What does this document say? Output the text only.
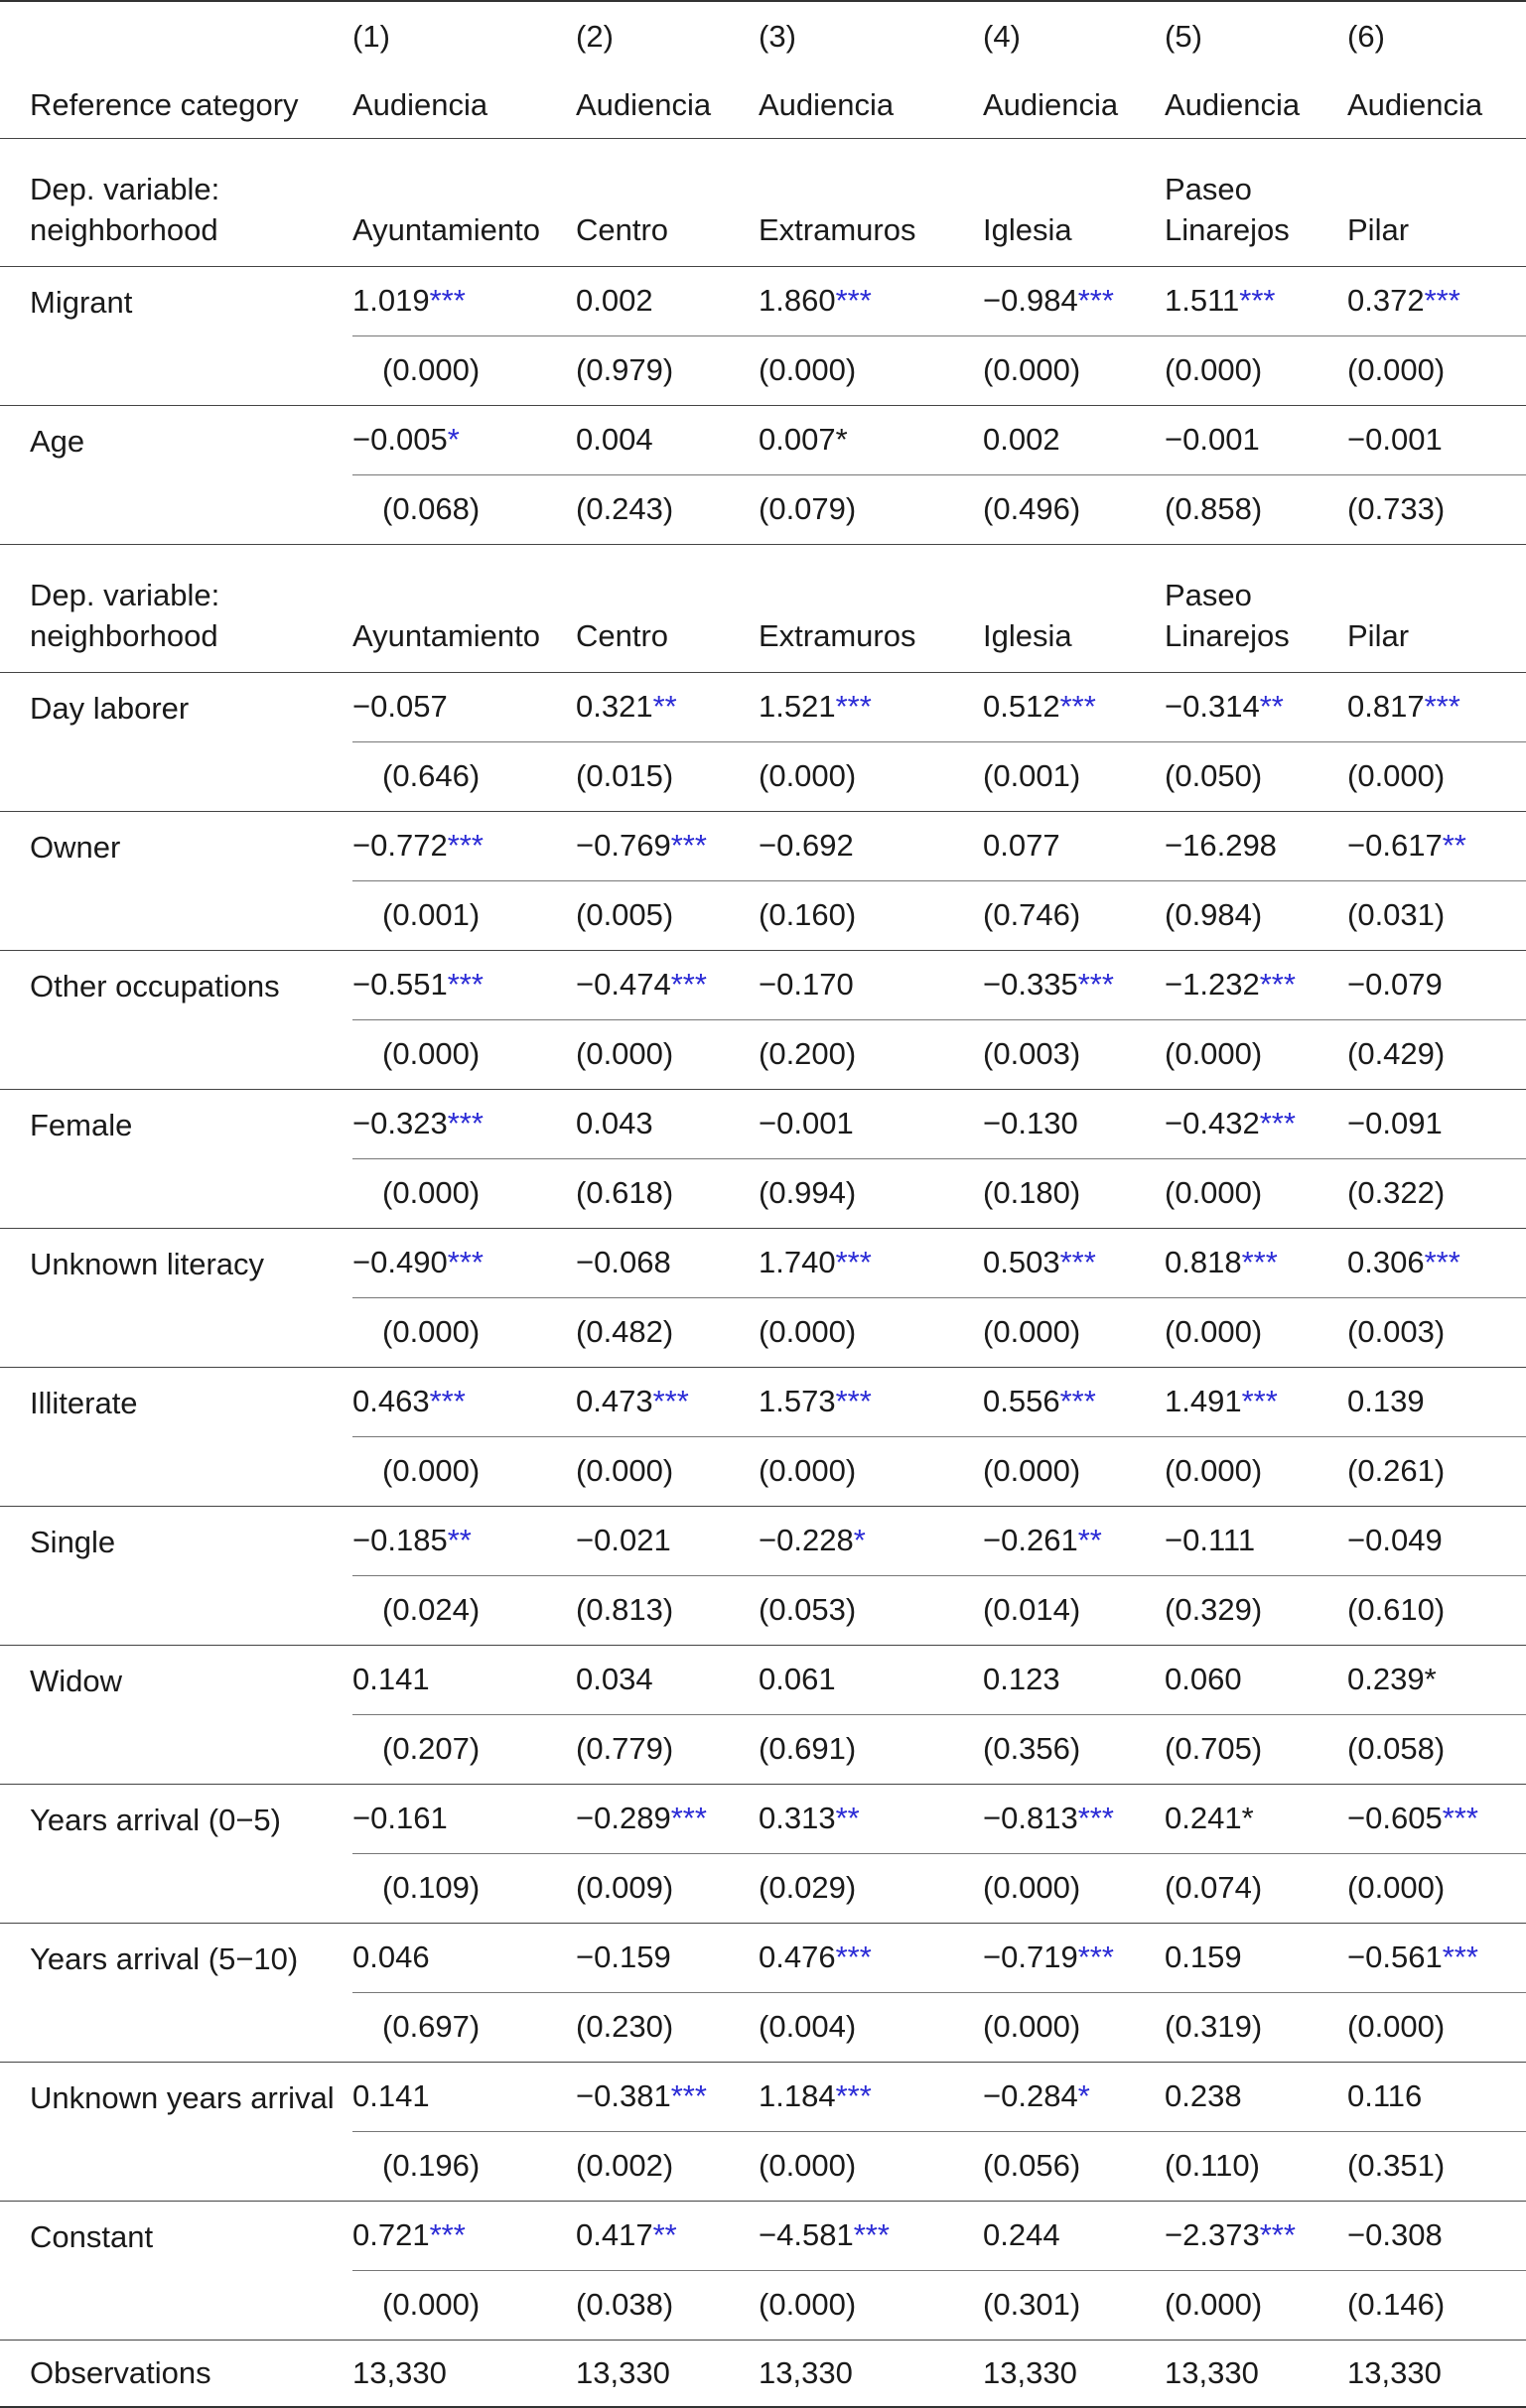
	(1)	(2)	(3)	(4)	(5)	(6)
Reference category	Audiencia	Audiencia	Audiencia	Audiencia	Audiencia	Audiencia
Dep. variable: neighborhood	Ayuntamiento	Centro	Extramuros	Iglesia	Paseo Linarejos	Pilar
Migrant	1.019***	0.002	1.860***	−0.984***	1.511***	0.372***
	(0.000)	(0.979)	(0.000)	(0.000)	(0.000)	(0.000)
Age	−0.005*	0.004	0.007*	0.002	−0.001	−0.001
	(0.068)	(0.243)	(0.079)	(0.496)	(0.858)	(0.733)
Dep. variable: neighborhood	Ayuntamiento	Centro	Extramuros	Iglesia	Paseo Linarejos	Pilar
Day laborer	−0.057	0.321**	1.521***	0.512***	−0.314**	0.817***
	(0.646)	(0.015)	(0.000)	(0.001)	(0.050)	(0.000)
Owner	−0.772***	−0.769***	−0.692	0.077	−16.298	−0.617**
	(0.001)	(0.005)	(0.160)	(0.746)	(0.984)	(0.031)
Other occupations	−0.551***	−0.474***	−0.170	−0.335***	−1.232***	−0.079
	(0.000)	(0.000)	(0.200)	(0.003)	(0.000)	(0.429)
Female	−0.323***	0.043	−0.001	−0.130	−0.432***	−0.091
	(0.000)	(0.618)	(0.994)	(0.180)	(0.000)	(0.322)
Unknown literacy	−0.490***	−0.068	1.740***	0.503***	0.818***	0.306***
	(0.000)	(0.482)	(0.000)	(0.000)	(0.000)	(0.003)
Illiterate	0.463***	0.473***	1.573***	0.556***	1.491***	0.139
	(0.000)	(0.000)	(0.000)	(0.000)	(0.000)	(0.261)
Single	−0.185**	−0.021	−0.228*	−0.261**	−0.111	−0.049
	(0.024)	(0.813)	(0.053)	(0.014)	(0.329)	(0.610)
Widow	0.141	0.034	0.061	0.123	0.060	0.239*
	(0.207)	(0.779)	(0.691)	(0.356)	(0.705)	(0.058)
Years arrival (0−5)	−0.161	−0.289***	0.313**	−0.813***	0.241*	−0.605***
	(0.109)	(0.009)	(0.029)	(0.000)	(0.074)	(0.000)
Years arrival (5−10)	0.046	−0.159	0.476***	−0.719***	0.159	−0.561***
	(0.697)	(0.230)	(0.004)	(0.000)	(0.319)	(0.000)
Unknown years arrival	0.141	−0.381***	1.184***	−0.284*	0.238	0.116
	(0.196)	(0.002)	(0.000)	(0.056)	(0.110)	(0.351)
Constant	0.721***	0.417**	−4.581***	0.244	−2.373***	−0.308
	(0.000)	(0.038)	(0.000)	(0.301)	(0.000)	(0.146)
Observations	13,330	13,330	13,330	13,330	13,330	13,330
